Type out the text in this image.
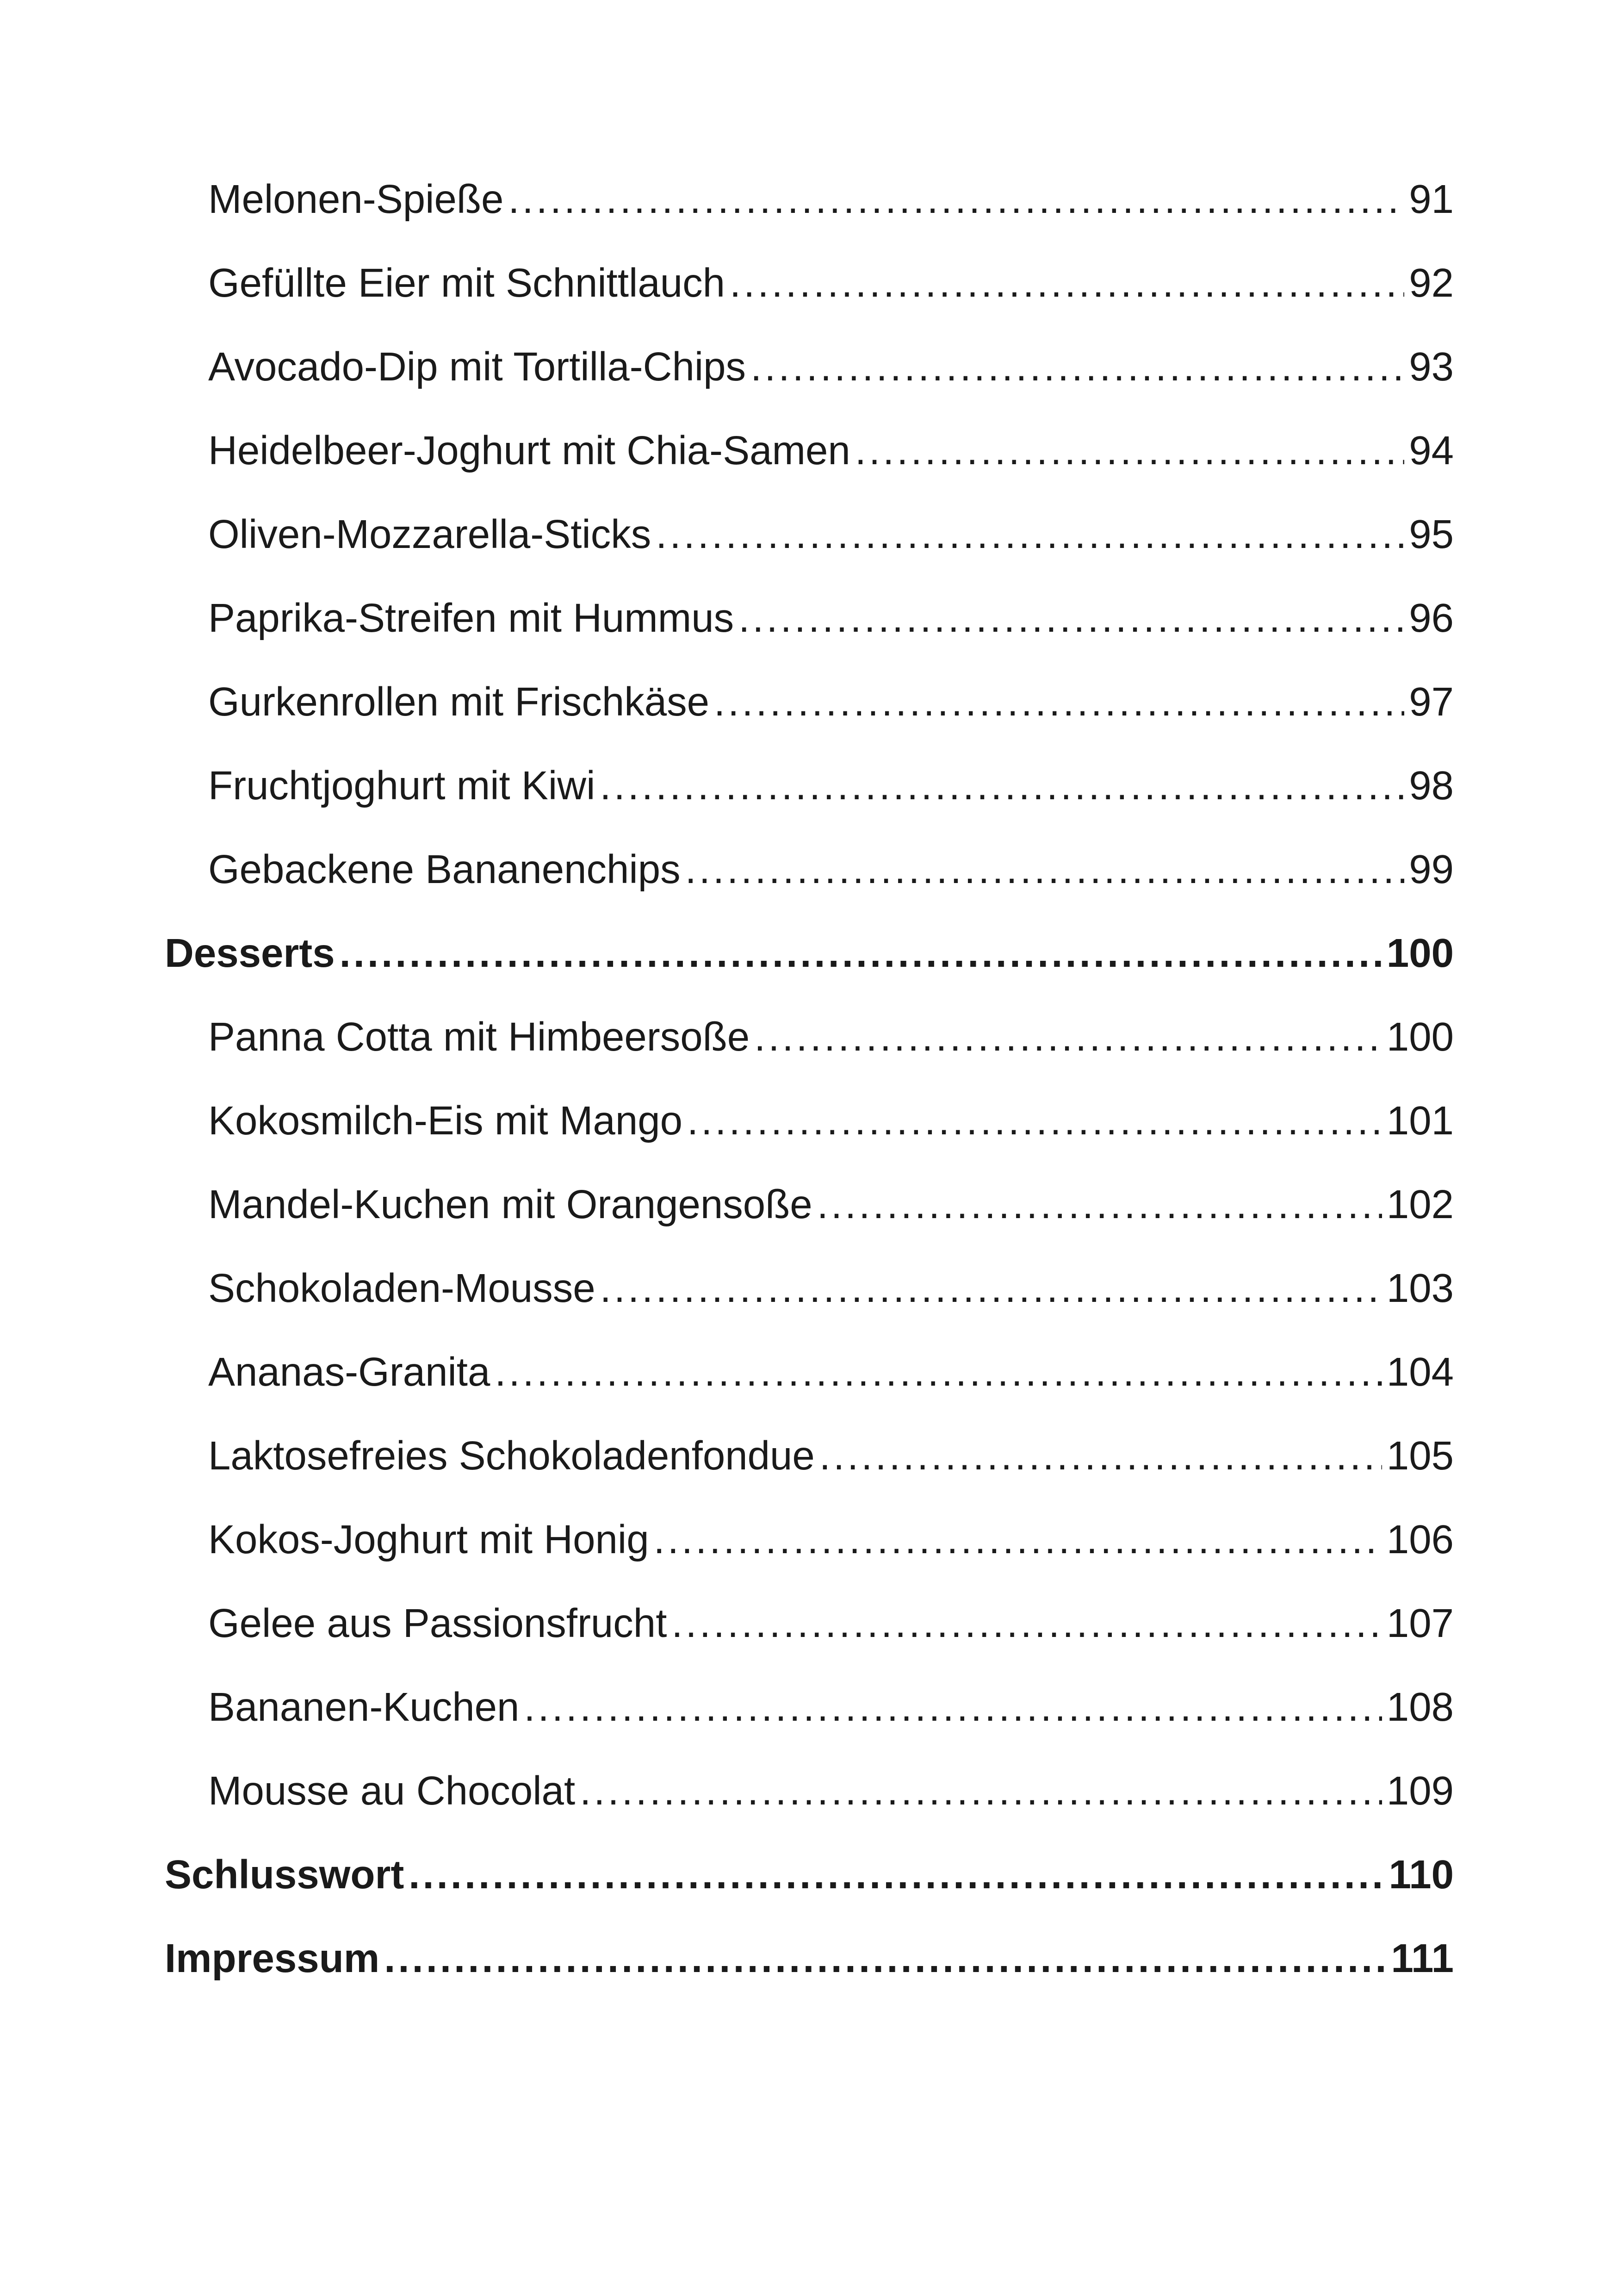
Melonen-Spieße .....	91
Gefüllte Eier mit Schnittlauch .....	92
Avocado-Dip mit Tortilla-Chips .....	93
Heidelbeer-Joghurt mit Chia-Samen .....	94
Oliven-Mozzarella-Sticks .....	95
Paprika-Streifen mit Hummus .....	96
Gurkenrollen mit Frischkäse .....	97
Fruchtjoghurt mit Kiwi .....	98
Gebackene Bananenchips .....	99
Desserts .....	100
Panna Cotta mit Himbeersoße .....	100
Kokosmilch-Eis mit Mango .....	101
Mandel-Kuchen mit Orangensoße .....	102
Schokoladen-Mousse .....	103
Ananas-Granita .....	104
Laktosefreies Schokoladenfondue .....	105
Kokos-Joghurt mit Honig .....	106
Gelee aus Passionsfrucht .....	107
Bananen-Kuchen .....	108
Mousse au Chocolat .....	109
Schlusswort .....	110
Impressum .....	111
